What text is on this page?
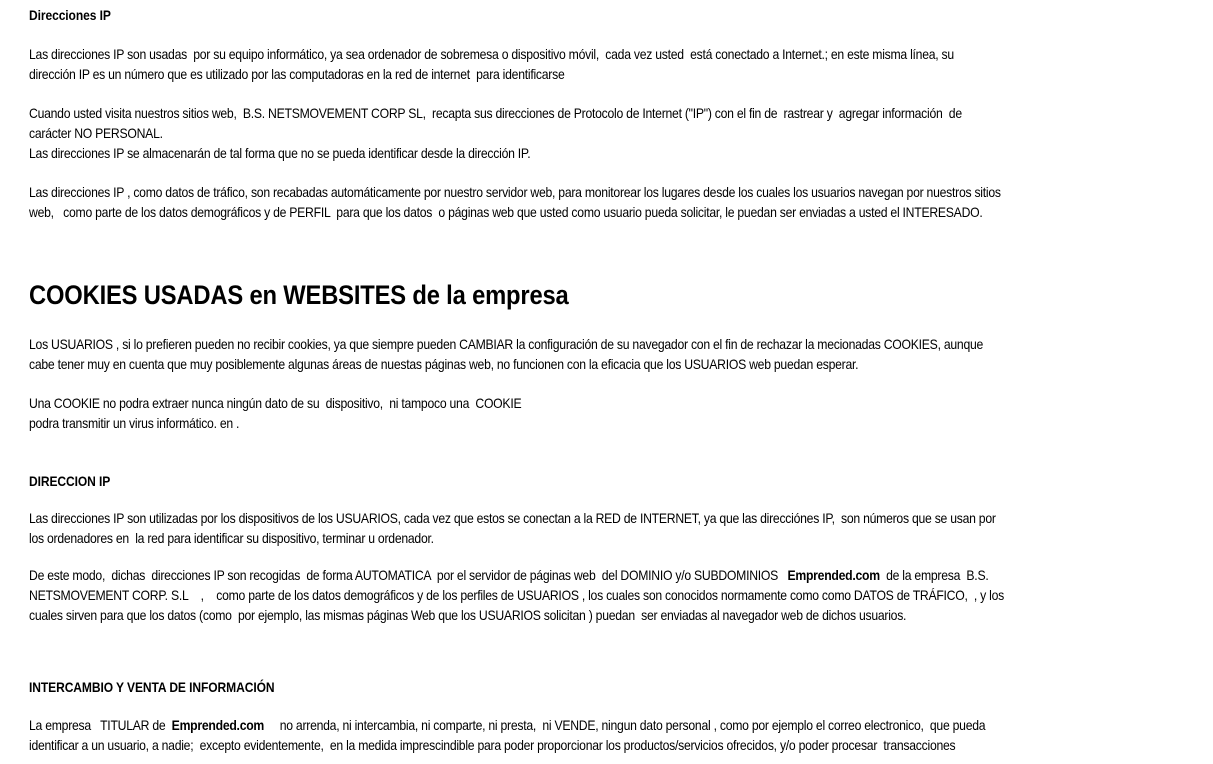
Direcciones IP
Las direcciones IP son usadas  por su equipo informático, ya sea ordenador de sobremesa o dispositivo móvil,  cada vez usted  está conectado a Internet.; en este misma línea, su
dirección IP es un número que es utilizado por las computadoras en la red de internet  para identificarse
Cuando usted visita nuestros sitios web,  B.S. NETSMOVEMENT CORP SL,  recapta sus direcciones de Protocolo de Internet ("IP") con el fin de  rastrear y  agregar información  de
carácter NO PERSONAL.
Las direcciones IP se almacenarán de tal forma que no se pueda identificar desde la dirección IP.
Las direcciones IP , como datos de tráfico, son recabadas automáticamente por nuestro servidor web, para monitorear los lugares desde los cuales los usuarios navegan por nuestros sitios
web,   como parte de los datos demográficos y de PERFIL  para que los datos  o páginas web que usted como usuario pueda solicitar, le puedan ser enviadas a usted el INTERESADO.
COOKIES USADAS en WEBSITES de la empresa
Los USUARIOS , si lo prefieren pueden no recibir cookies, ya que siempre pueden CAMBIAR la configuración de su navegador con el fin de rechazar la mecionadas COOKIES, aunque
cabe tener muy en cuenta que muy posiblemente algunas áreas de nuestas páginas web, no funcionen con la eficacia que los USUARIOS web puedan esperar.
Una COOKIE no podra extraer nunca ningún dato de su  dispositivo,  ni tampoco una  COOKIE
podra transmitir un virus informático. en .
DIRECCION IP
Las direcciones IP son utilizadas por los dispositivos de los USUARIOS, cada vez que estos se conectan a la RED de INTERNET, ya que las direcciónes IP,  son números que se usan por
los ordenadores en  la red para identificar su dispositivo, terminar u ordenador.
De este modo,  dichas  direcciones IP son recogidas  de forma AUTOMATICA  por el servidor de páginas web  del DOMINIO y/o SUBDOMINIOS   Emprended.com  de la empresa  B.S.
NETSMOVEMENT CORP. S.L    ,    como parte de los datos demográficos y de los perfiles de USUARIOS , los cuales son conocidos normamente como como DATOS de TRÁFICO,  , y los
cuales sirven para que los datos (como  por ejemplo, las mismas páginas Web que los USUARIOS solicitan ) puedan  ser enviadas al navegador web de dichos usuarios.
INTERCAMBIO Y VENTA DE INFORMACIÓN
La empresa   TITULAR de  Emprended.com     no arrenda, ni intercambia, ni comparte, ni presta,  ni VENDE, ningun dato personal , como por ejemplo el correo electronico,  que pueda
identificar a un usuario, a nadie;  excepto evidentemente,  en la medida imprescindible para poder proporcionar los productos/servicios ofrecidos, y/o poder procesar  transacciones
